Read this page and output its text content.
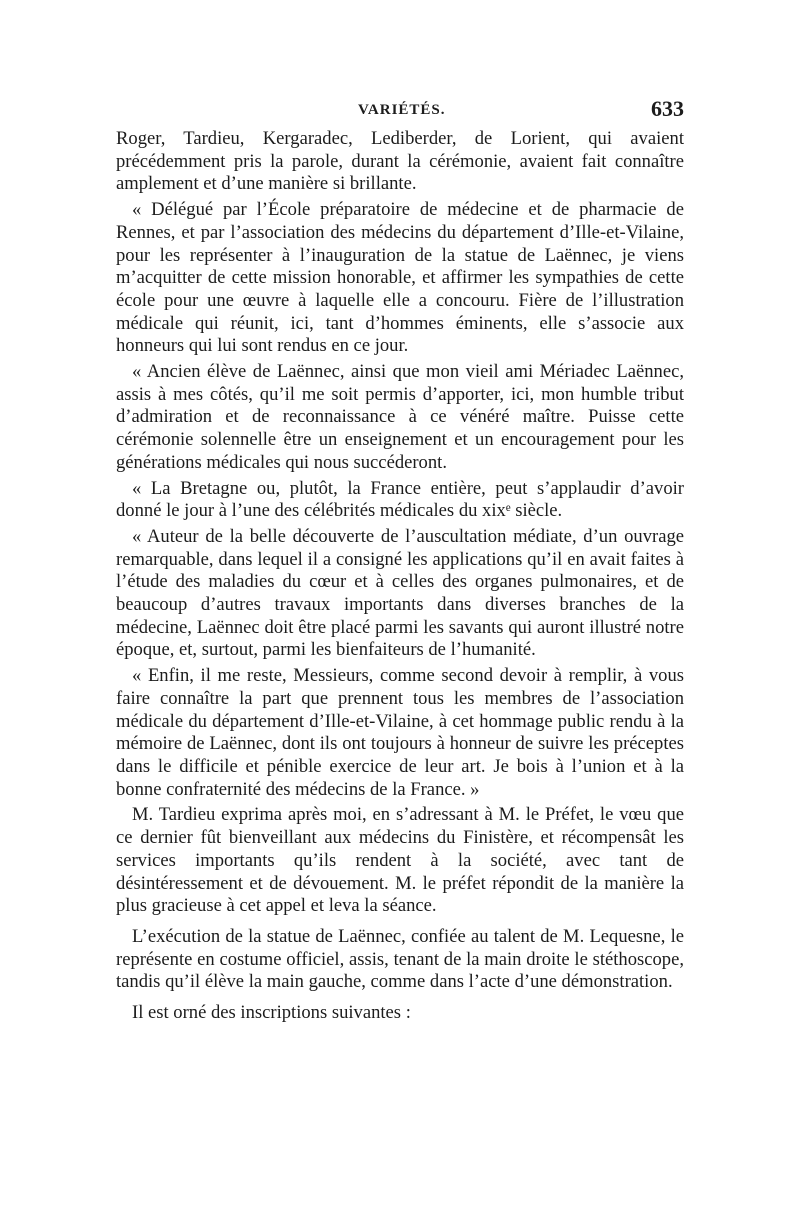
VARIÉTÉS.	633

Roger, Tardieu, Kergaradec, Lediberder, de Lorient, qui avaient précédemment pris la parole, durant la cérémonie, avaient fait connaître amplement et d’une manière si brillante.

« Délégué par l’École préparatoire de médecine et de pharmacie de Rennes, et par l’association des médecins du département d’Ille-et-Vilaine, pour les représenter à l’inauguration de la statue de Laënnec, je viens m’acquitter de cette mission honorable, et affirmer les sympathies de cette école pour une œuvre à laquelle elle a concouru. Fière de l’illustration médicale qui réunit, ici, tant d’hommes éminents, elle s’associe aux honneurs qui lui sont rendus en ce jour.

« Ancien élève de Laënnec, ainsi que mon vieil ami Mériadec Laënnec, assis à mes côtés, qu’il me soit permis d’apporter, ici, mon humble tribut d’admiration et de reconnaissance à ce vénéré maître. Puisse cette cérémonie solennelle être un enseignement et un encouragement pour les générations médicales qui nous succéderont.

« La Bretagne ou, plutôt, la France entière, peut s’applaudir d’avoir donné le jour à l’une des célébrités médicales du xixᵉ siècle.

« Auteur de la belle découverte de l’auscultation médiate, d’un ouvrage remarquable, dans lequel il a consigné les applications qu’il en avait faites à l’étude des maladies du cœur et à celles des organes pulmonaires, et de beaucoup d’autres travaux importants dans diverses branches de la médecine, Laënnec doit être placé parmi les savants qui auront illustré notre époque, et, surtout, parmi les bienfaiteurs de l’humanité.

« Enfin, il me reste, Messieurs, comme second devoir à remplir, à vous faire connaître la part que prennent tous les membres de l’association médicale du département d’Ille-et-Vilaine, à cet hommage public rendu à la mémoire de Laënnec, dont ils ont toujours à honneur de suivre les préceptes dans le difficile et pénible exercice de leur art. Je bois à l’union et à la bonne confraternité des médecins de la France. »

M. Tardieu exprima après moi, en s’adressant à M. le Préfet, le vœu que ce dernier fût bienveillant aux médecins du Finistère, et récompensât les services importants qu’ils rendent à la société, avec tant de désintéressement et de dévouement. M. le préfet répondit de la manière la plus gracieuse à cet appel et leva la séance.

L’exécution de la statue de Laënnec, confiée au talent de M. Lequesne, le représente en costume officiel, assis, tenant de la main droite le stéthoscope, tandis qu’il élève la main gauche, comme dans l’acte d’une démonstration.

Il est orné des inscriptions suivantes :
